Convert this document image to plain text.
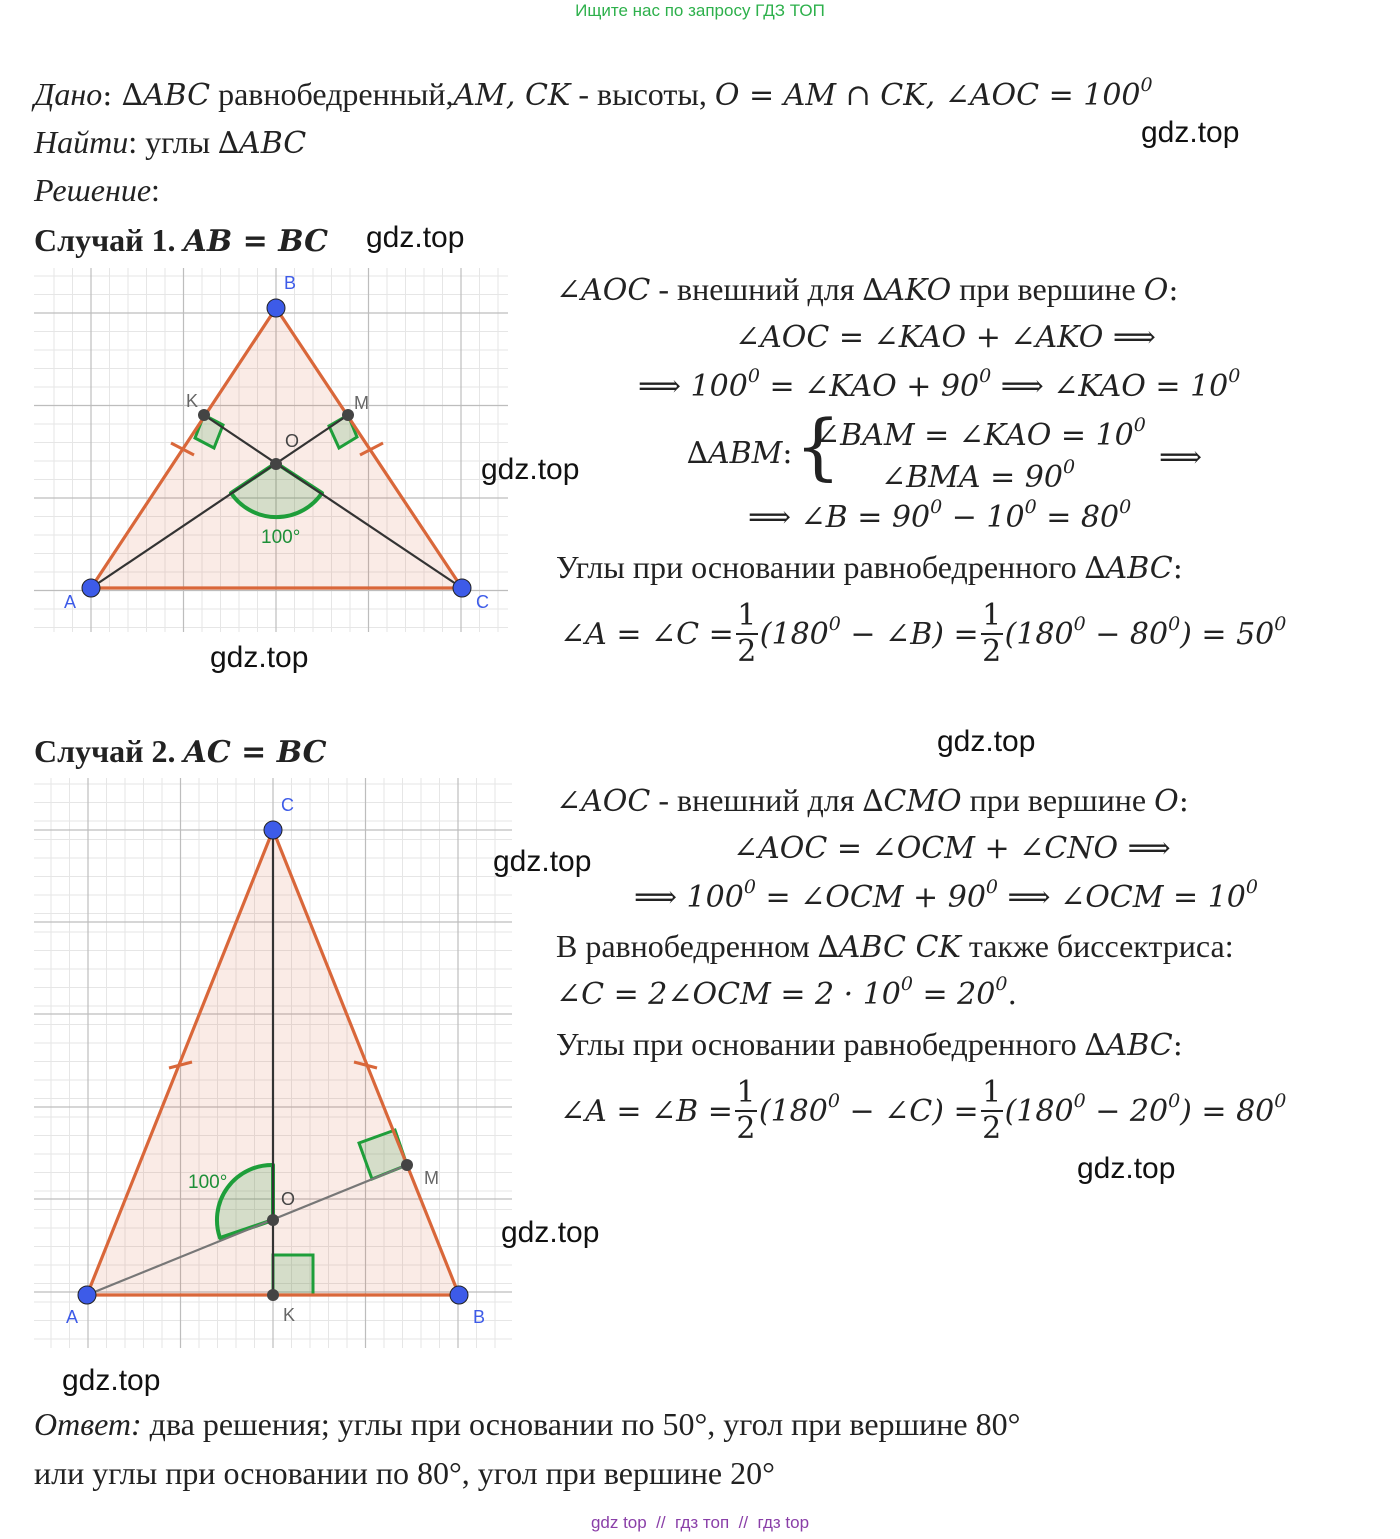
Ищите нас по запросу ГДЗ ТОП
Дано: ∆ABC равнобедренный,AM, CK - высоты, O = AM ∩ CK, ∠AOC = $100^0$
Найти: углы ∆ABC	gdz.top
Решение:
Случай 1. AB = BC gdz.top
B
K	M
O
A	C
100°
gdz.top
gdz.top
∠AOC - внешний для ∆AKO при вершине O:
∠AOC = ∠KAO + ∠AKO ⟹
⟹ $100^0$ = ∠KAO + $90^0$ ⟹ ∠KAO = $10^0$
∆ABM: {
∠BAM = ∠KAO = $10^0$
∠BMA = $90^0$	⟹
⟹ ∠B = $90^0 - 10^0 = 80^0$
Углы при основании равнобедренного ∆ABC:
∠A = ∠C = $\frac{1}{2} (180^0$ − ∠B) = $\frac{1}{2} (180^0 - 80^0) = 50^0$
Случай 2. AC = BC	gdz.top
C
M
O
A	K	B
100°
gdz.top
gdz.top
gdz.top
gdz.top
∠AOC - внешний для ∆CMO при вершине O:
∠AOC = ∠OCM + ∠CNO ⟹
⟹ $100^0$ = ∠OCM + $90^0$ ⟹ ∠OCM = $10^0$
В равнобедренном ∆ABC CK также биссектриса:
∠C = 2∠OCM = $2 \cdot 10^0 = 20^0$.
Углы при основании равнобедренного ∆ABC:
∠A = ∠B = $\frac{1}{2} (180^0$ − ∠C) = $\frac{1}{2} (180^0 - 20^0) = 80^0$
Ответ: два решения; углы при основании по 50°, угол при вершине 80°
или углы при основании по 80°, угол при вершине 20°
gdz top  //  гдз топ  //  гдз top
